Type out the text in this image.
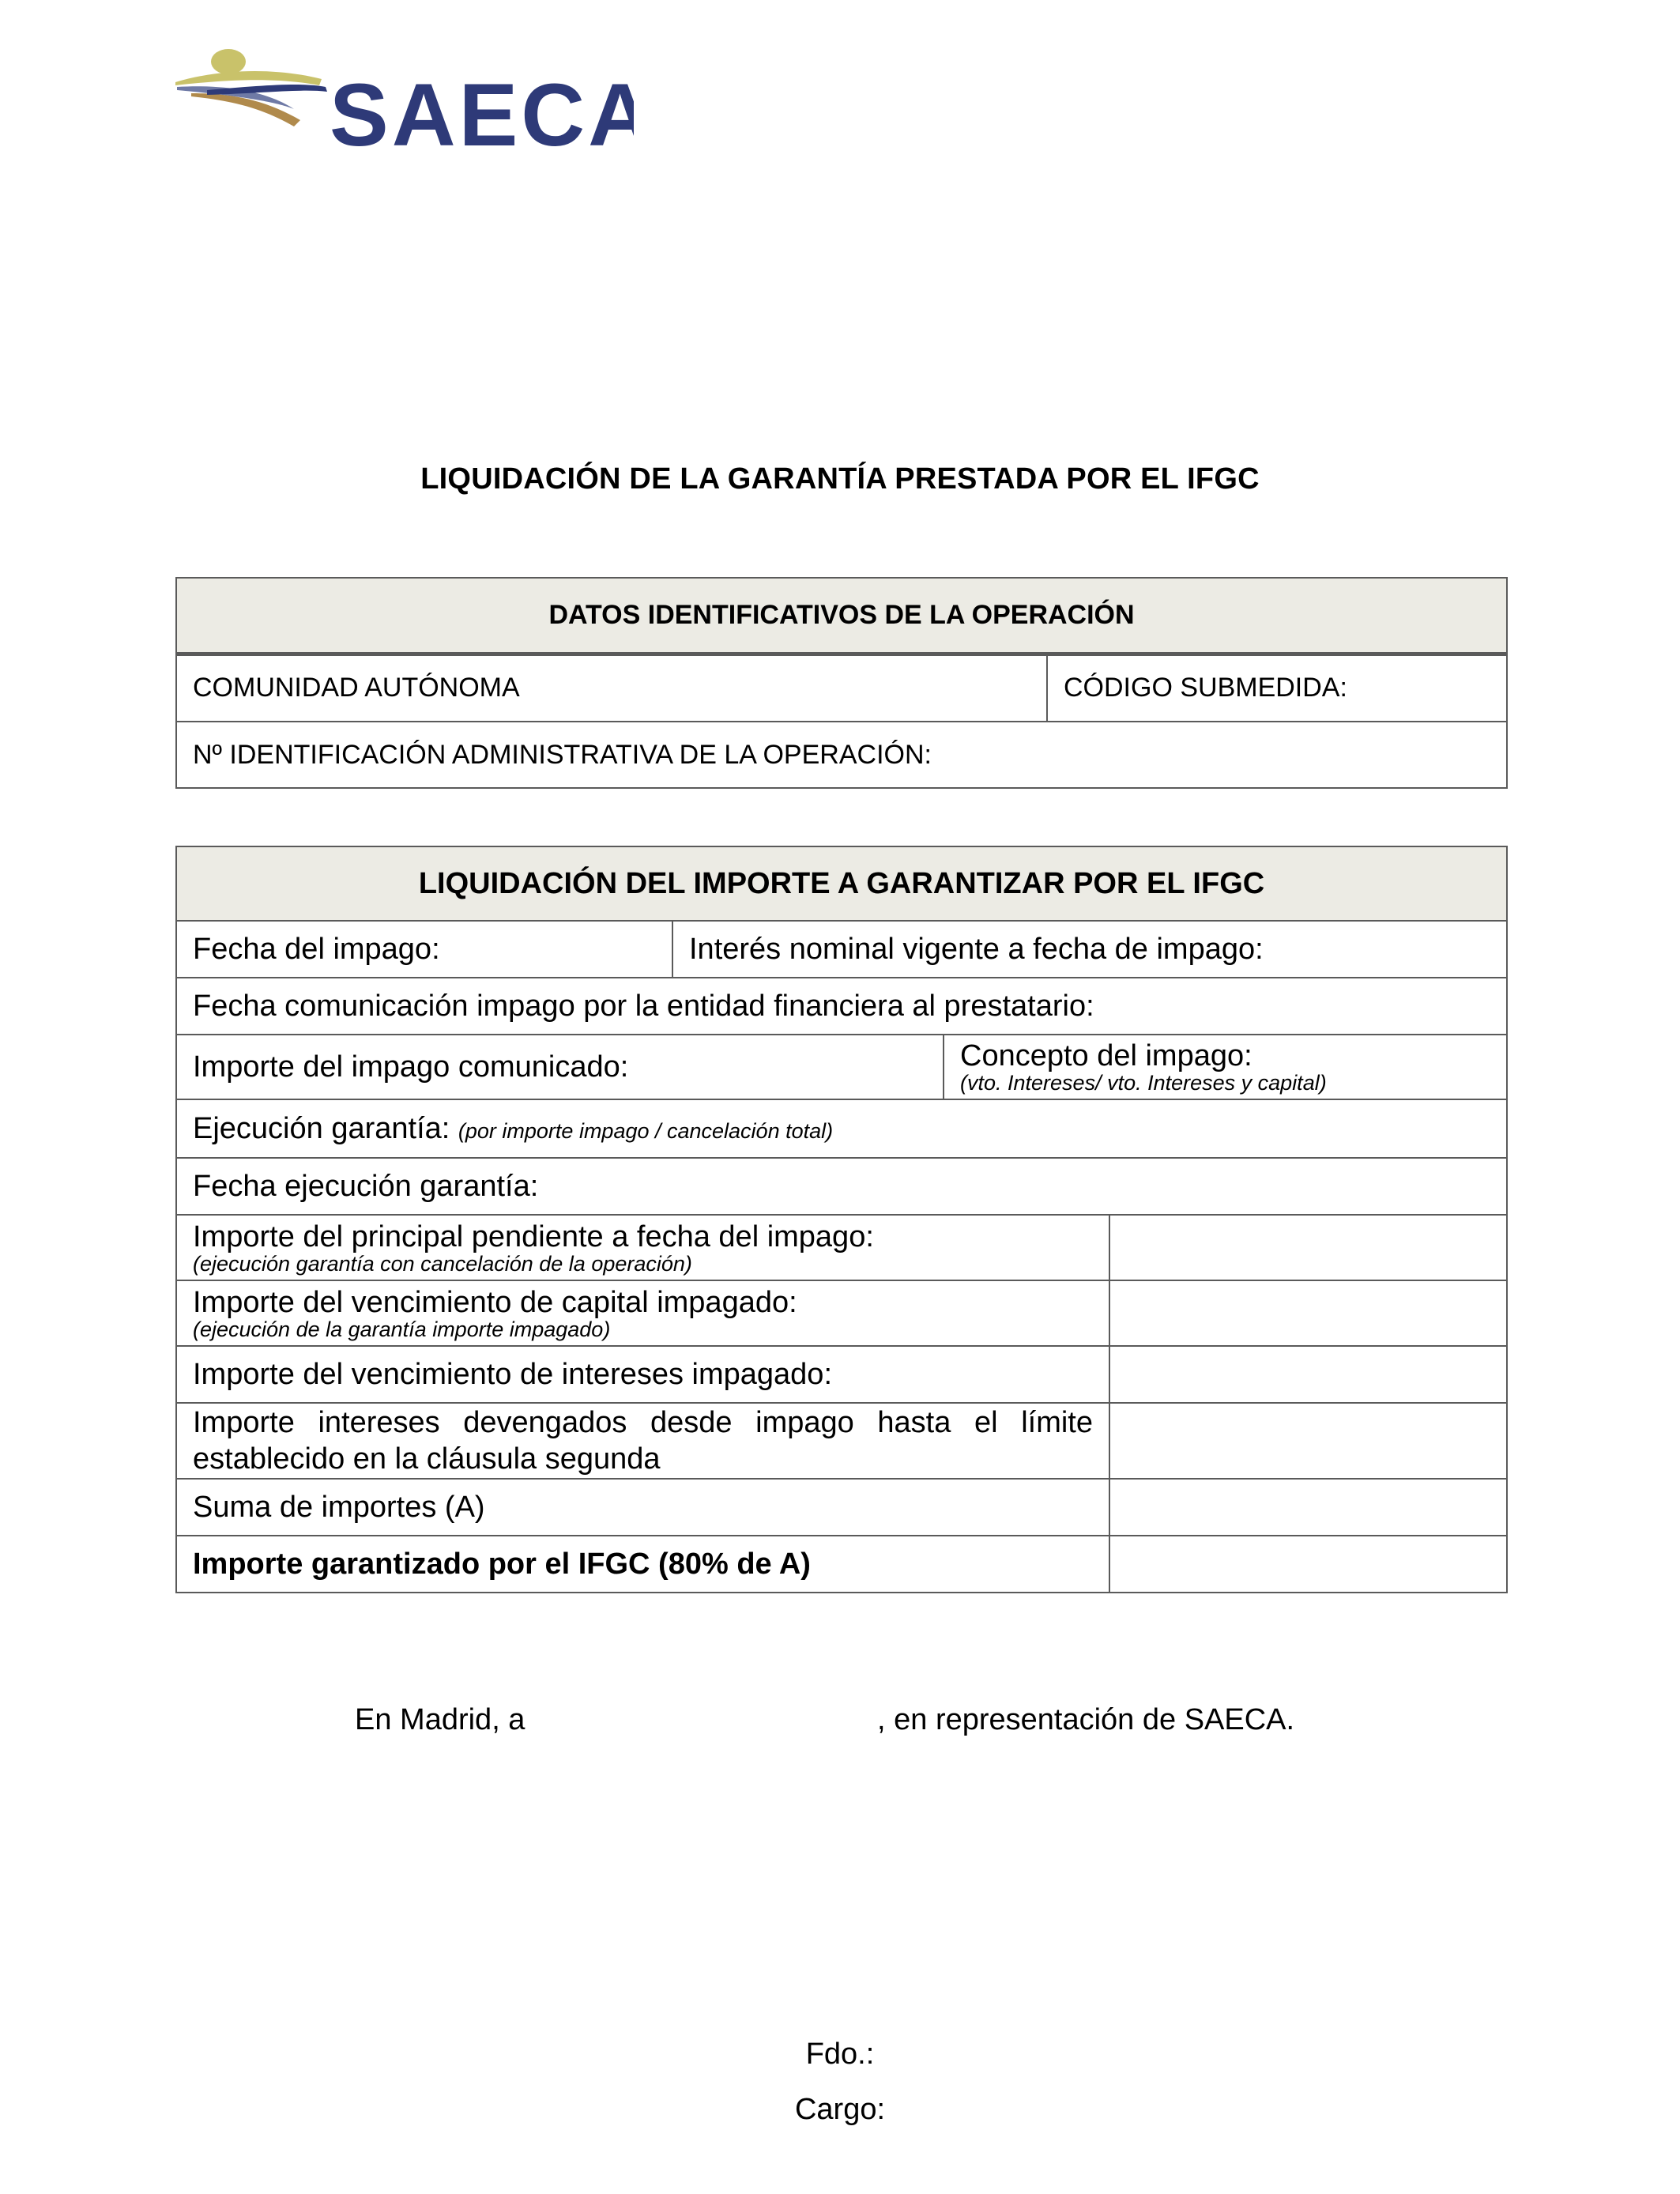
SAECA
LIQUIDACIÓN DE LA GARANTÍA PRESTADA POR EL IFGC
DATOS IDENTIFICATIVOS DE LA OPERACIÓN
COMUNIDAD AUTÓNOMA	CÓDIGO SUBMEDIDA:
Nº IDENTIFICACIÓN ADMINISTRATIVA DE LA OPERACIÓN:
LIQUIDACIÓN DEL IMPORTE A GARANTIZAR POR EL IFGC			
Fecha del impago:	Interés nominal vigente a fecha de impago:		
Fecha comunicación impago por la entidad financiera al prestatario:			
Importe del impago comunicado:		Concepto del impago:
(vto. Intereses/ vto. Intereses y capital)	

Ejecución garantía: (por importe impago / cancelación total)			
Fecha ejecución garantía:			

Importe del principal pendiente a fecha del impago:
(ejecución garantía con cancelación de la operación)			

Importe del vencimiento de capital impagado:
(ejecución de la garantía importe impagado)			

Importe del vencimiento de intereses impagado:			
Importe intereses devengados desde impago hasta el límite establecido en la cláusula segunda			
Suma de importes (A)			
Importe garantizado por el IFGC (80% de A)			
En Madrid, a	, en representación de SAECA.
Fdo.:
Cargo:
